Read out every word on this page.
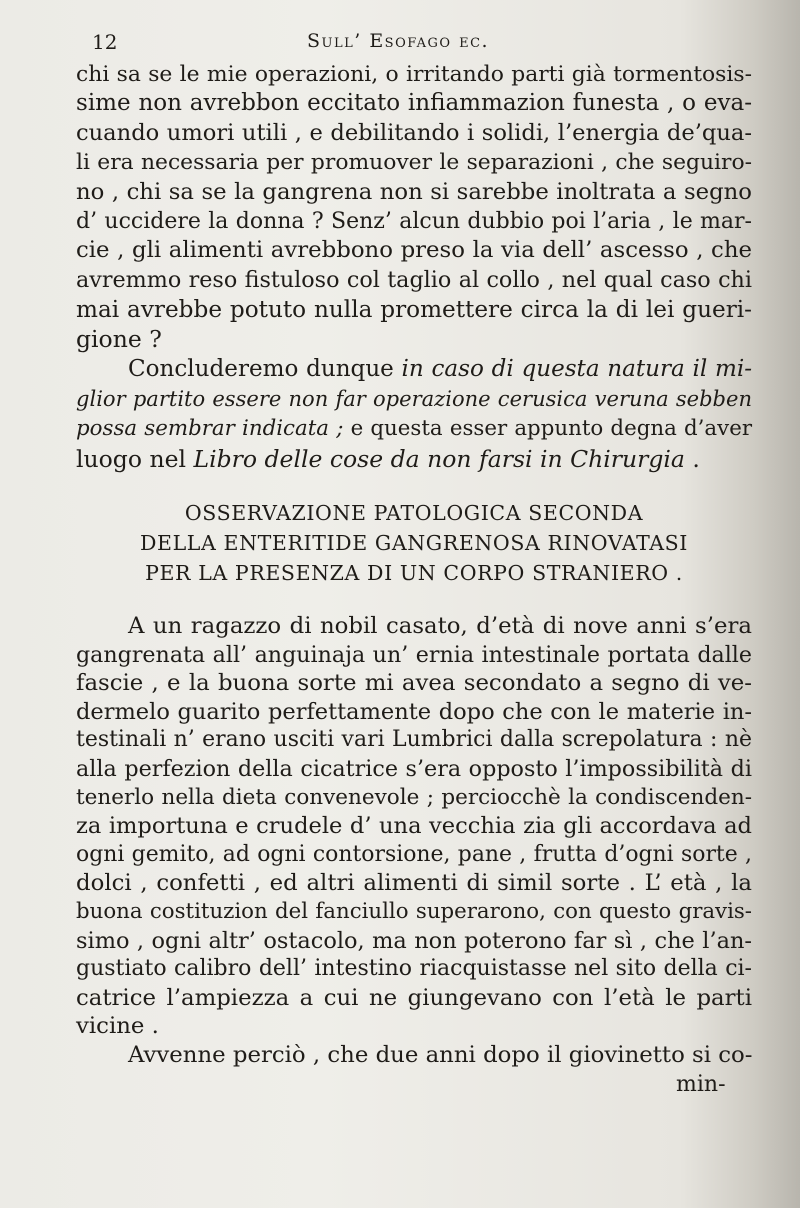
12	Sull’ Esofago ec.
chi sa se le mie operazioni, o irritando parti già tormentosis-
sime non avrebbon eccitato infiammazion funesta , o eva-
cuando umori utili , e debilitando i solidi, l’energia de’qua-
li era necessaria per promuover le separazioni , che seguiro-
no , chi sa se la gangrena non si sarebbe inoltrata a segno
d’ uccidere la donna ? Senz’ alcun dubbio poi l’aria , le mar-
cie , gli alimenti avrebbono preso la via dell’ ascesso , che
avremmo reso fistuloso col taglio al collo , nel qual caso chi
mai avrebbe potuto nulla promettere circa la di lei gueri-
gione ?
Concluderemo dunque in caso di questa natura il mi-
glior partito essere non far operazione cerusica veruna sebben
possa sembrar indicata ; e questa esser appunto degna d’aver
luogo nel Libro delle cose da non farsi in Chirurgia .
OSSERVAZIONE PATOLOGICA SECONDA
DELLA ENTERITIDE GANGRENOSA RINOVATASI
PER LA PRESENZA DI UN CORPO STRANIERO .
A un ragazzo di nobil casato, d’età di nove anni s’era
gangrenata all’ anguinaja un’ ernia intestinale portata dalle
fascie , e la buona sorte mi avea secondato a segno di ve-
dermelo guarito perfettamente dopo che con le materie in-
testinali n’ erano usciti vari Lumbrici dalla screpolatura : nè
alla perfezion della cicatrice s’era opposto l’impossibilità di
tenerlo nella dieta convenevole ; perciocchè la condiscenden-
za importuna e crudele d’ una vecchia zia gli accordava ad
ogni gemito, ad ogni contorsione, pane , frutta d’ogni sorte ,
dolci , confetti , ed altri alimenti di simil sorte . L’ età , la
buona costituzion del fanciullo superarono, con questo gravis-
simo , ogni altr’ ostacolo, ma non poterono far sì , che l’an-
gustiato calibro dell’ intestino riacquistasse nel sito della ci-
catrice l’ampiezza a cui ne giungevano con l’età le parti
vicine .
Avvenne perciò , che due anni dopo il giovinetto si co-
min-
